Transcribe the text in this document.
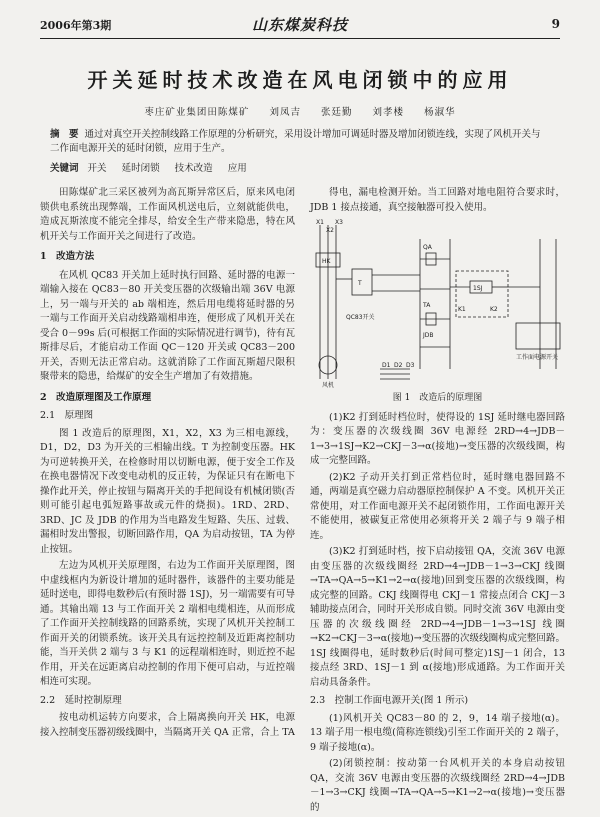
2006年第3期	山东煤炭科技	9
开关延时技术改造在风电闭锁中的应用
枣庄矿业集团田陈煤矿 刘凤吉 张廷勤 刘孝楼 杨淑华
摘　要 通过对真空开关控制线路工作原理的分析研究，采用设计增加可调延时器及增加闭锁连线，实现了风机开关与二作面电源开关的延时闭锁，应用于生产。
关键词 开关 延时闭锁 技术改造 应用

田陈煤矿北三采区被列为高瓦斯异常区后，原来风电闭锁供电系统出现弊端，工作面风机送电后，立刻就能供电，造成瓦斯浓度不能完全排尽，给安全生产带来隐患，特在风机开关与工作面开关之间进行了改造。

1　改造方法

在风机 QC83 开关加上延时执行回路、延时器的电源一端输入接在 QC83－80 开关变压器的次级输出端 36V 电源上，另一端与开关的 ab 端相连，然后用电缆将延时器的另一端与工作面开关启动线路端相串连，便形成了风机开关在受合 0－99s 后(可根据工作面的实际情况进行调节)，待有瓦斯排尽后，才能启动工作面 QC－120 开关或 QC83－200 开关，否则无法正常启动。这就消除了工作面瓦斯超尺限积聚带来的隐患，给煤矿的安全生产增加了有效措施。

2　改造原理图及工作原理
2.1　原理图

图 1 改造后的原理图，X1，X2，X3 为三相电源线，D1，D2，D3 为开关的三相输出线。T 为控制变压器。HK 为可逆转换开关，在检修时用以切断电源，便于安全工作及在换电器情况下改变电动机的反正转，为保证只有在断电下操作此开关，停止按钮与隔离开关的手把间设有机械闭锁(否则可能引起电弧短路事故或元件的烧损)。1RD、2RD、3RD、JC 及 JDB 的作用为当电路发生短路、失压、过载、漏相时发出警报，切断回路作用，QA 为启动按钮，TA 为停止按钮。

左边为风机开关原理图，右边为工作面开关原理图，图中虚线框内为新设计增加的延时器件，该器件的主要功能是延时送电，即得电数秒后(有预时器 1SJ)，另一端需要有可导通。其输出端 13 与工作面开关 2 端相电缆相连，从而形成了工作面开关控制线路的回路系统，实现了风机开关控制工作面开关的闭锁系统。该开关具有远控控制及近距离控制功能，当开关供 2 端与 3 与 K1 的远程端相连时，则近控不起作用，开关在远距离启动控制的作用下便可启动，与近控端相连可实现。

2.2　延时控制原理

按电动机运转方向要求，合上隔离换向开关 HK，电源接入控制变压器初级线圈中，当隔离开关 QA 正常，合上 TA

得电，漏电检测开始。当工回路对地电阻符合要求时，JDB 1 接点接通，真空接触器可投入使用。

X1
X2
X3
HK
T
QA
TA
1SJ
JDB
K1	K2
D1 D2 D3
QC83开关
工作面电源开关
风机
图 1　改造后的原理图

(1)K2 打到延时档位时，使得设的 1SJ 延时继电器回路为：变压器的次级线圈 36V 电源经 2RD→4→JDB－1→3→1SJ→K2→CKJ－3→α(接地)→变压器的次级线圈，构成一完整回路。

(2)K2 子动开关打到正常档位时，延时继电器回路不通，两端是真空磁力启动器原控制保护 A 不变。风机开关正常使用，对工作面电源开关不起闭锁作用，工作面电源开关不能使用，被碳复正常使用必须将开关 2 端子与 9 端子相连。

(3)K2 打到延时档，按下启动接钮 QA，交流 36V 电源由变压器的次级线圈经 2RD→4→JDB－1→3→CKJ 线圈→TA→QA→5→K1→2→α(接地)回到变压器的次级线圈，构成完整的回路。CKJ 线圈得电 CKJ－1 常接点闭合 CKJ－3 辅助接点闭合，同时开关形成自锁。同时交流 36V 电源由变压器的次级线圈经 2RD→4→JDB－1→3→1SJ 线圈→K2→CKJ－3→α(接地)→变压器的次级线圈构成完整回路。1SJ 线圈得电，延时数秒后(时间可整定)1SJ－1 闭合，13 接点经 3RD、1SJ－1 到 α(接地)形成通路。为工作面开关启动具备条件。

2.3　控制工作面电源开关(图 1 所示)

(1)风机开关 QC83－80 的 2，9，14 端子接地(α)。13 端子用一根电缆(简称连锁线)引至工作面开关的 2 端子，9 端子接地(α)。

(2)闭锁控制：按动第一台风机开关的本身启动按钮 QA，交流 36V 电源由变压器的次级线圈经 2RD→4→JDB－1→3→CKJ 线圈→TA→QA→5→K1→2→α(接地)→变压器的
